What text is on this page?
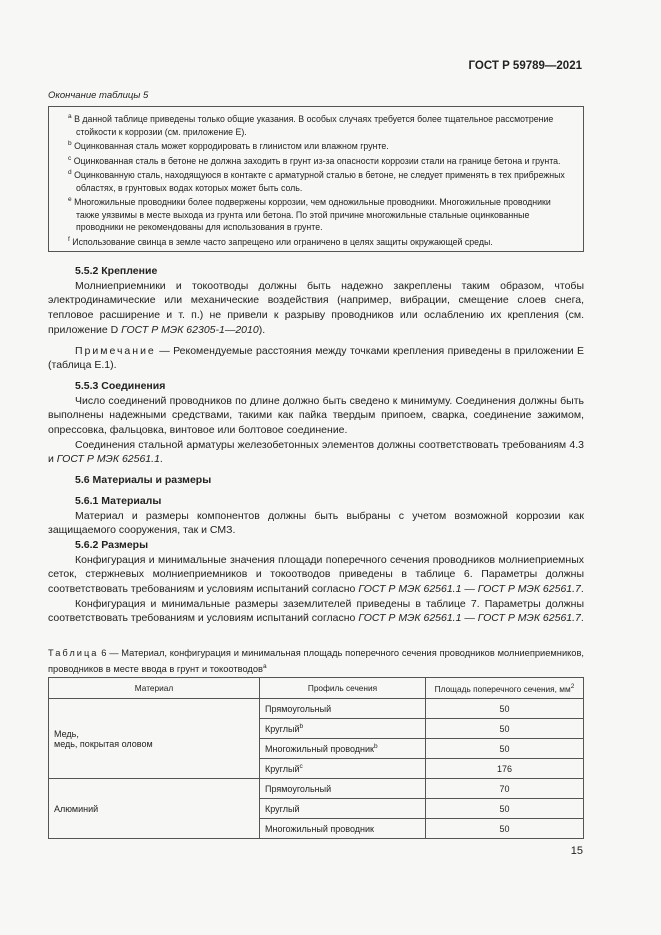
ГОСТ Р 59789—2021
Окончание таблицы 5
$^a$ В данной таблице приведены только общие указания. В особых случаях требуется более тщательное рассмотрение стойкости к коррозии (см. приложение Е).
$^b$ Оцинкованная сталь может корродировать в глинистом или влажном грунте.
$^c$ Оцинкованная сталь в бетоне не должна заходить в грунт из-за опасности коррозии стали на границе бетона и грунта.
$^d$ Оцинкованную сталь, находящуюся в контакте с арматурной сталью в бетоне, не следует применять в тех прибрежных областях, в грунтовых водах которых может быть соль.
$^e$ Многожильные проводники более подвержены коррозии, чем одножильные проводники. Многожильные проводники также уязвимы в месте выхода из грунта или бетона. По этой причине многожильные стальные оцинкованные проводники не рекомендованы для использования в грунте.
$^f$ Использование свинца в земле часто запрещено или ограничено в целях защиты окружающей среды.
5.5.2 Крепление

Молниеприемники и токоотводы должны быть надежно закреплены таким образом, чтобы электродинамические или механические воздействия (например, вибрации, смещение слоев снега, тепловое расширение и т. п.) не привели к разрыву проводников или ослаблению их крепления (см. приложение D ГОСТ Р МЭК 62305-1—2010).

Примечание — Рекомендуемые расстояния между точками крепления приведены в приложении Е (таблица Е.1).

5.5.3 Соединения

Число соединений проводников по длине должно быть сведено к минимуму. Соединения должны быть выполнены надежными средствами, такими как пайка твердым припоем, сварка, соединение зажимом, опрессовка, фальцовка, винтовое или болтовое соединение.

Соединения стальной арматуры железобетонных элементов должны соответствовать требованиям 4.3 и ГОСТ Р МЭК 62561.1.

5.6 Материалы и размеры
5.6.1 Материалы

Материал и размеры компонентов должны быть выбраны с учетом возможной коррозии как защищаемого сооружения, так и СМЗ.

5.6.2 Размеры

Конфигурация и минимальные значения площади поперечного сечения проводников молниеприемных сеток, стержневых молниеприемников и токоотводов приведены в таблице 6. Параметры должны соответствовать требованиям и условиям испытаний согласно ГОСТ Р МЭК 62561.1 — ГОСТ Р МЭК 62561.7.

Конфигурация и минимальные размеры заземлителей приведены в таблице 7. Параметры должны соответствовать требованиям и условиям испытаний согласно ГОСТ Р МЭК 62561.1 — ГОСТ Р МЭК 62561.7.

Таблица 6 — Материал, конфигурация и минимальная площадь поперечного сечения проводников молниеприемников, проводников в месте ввода в грунт и токоотводов$^a$
Материал	Профиль сечения	Площадь поперечного сечения, $мм^2$
Медь,
медь, покрытая оловом	Прямоугольный	50
	Круглый$^b$	50
	Многожильный проводник$^b$	50
	Круглый$^c$	176
Алюминий	Прямоугольный	70
	Круглый	50
	Многожильный проводник	50
15
